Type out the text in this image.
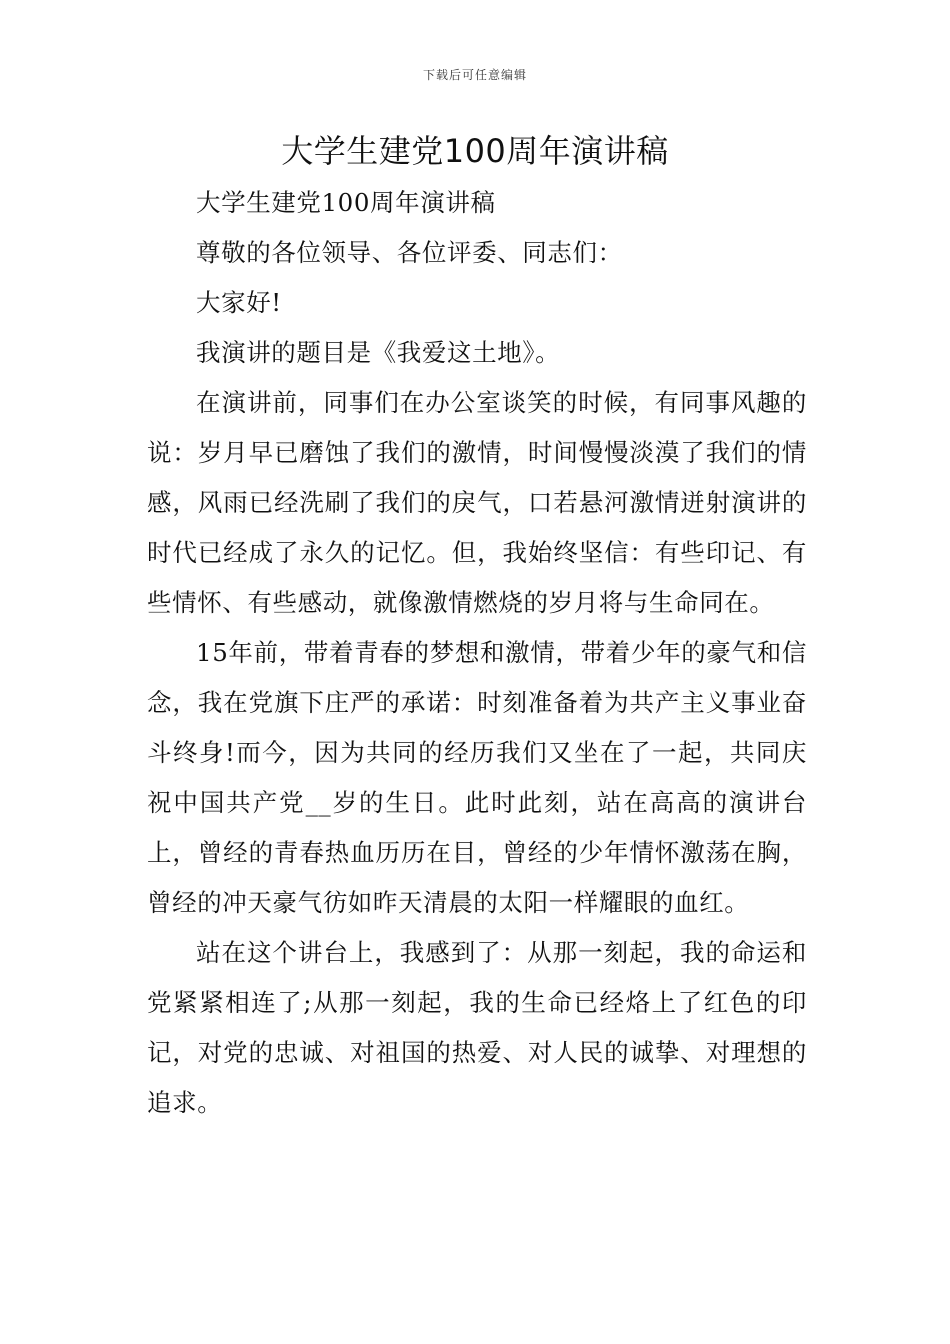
下载后可任意编辑
大学生建党100周年演讲稿

大学生建党100周年演讲稿

尊敬的各位领导、各位评委、同志们：

大家好!

我演讲的题目是《我爱这土地》。

在演讲前，同事们在办公室谈笑的时候，有同事风趣的说：岁月早已磨蚀了我们的激情，时间慢慢淡漠了我们的情感，风雨已经洗刷了我们的戾气，口若悬河激情迸射演讲的时代已经成了永久的记忆。但，我始终坚信：有些印记、有些情怀、有些感动，就像激情燃烧的岁月将与生命同在。

15年前，带着青春的梦想和激情，带着少年的豪气和信念，我在党旗下庄严的承诺：时刻准备着为共产主义事业奋斗终身!而今，因为共同的经历我们又坐在了一起，共同庆祝中国共产党__岁的生日。此时此刻，站在高高的演讲台上，曾经的青春热血历历在目，曾经的少年情怀激荡在胸，曾经的冲天豪气彷如昨天清晨的太阳一样耀眼的血红。

站在这个讲台上，我感到了：从那一刻起，我的命运和党紧紧相连了;从那一刻起，我的生命已经烙上了红色的印记，对党的忠诚、对祖国的热爱、对人民的诚挚、对理想的追求。
